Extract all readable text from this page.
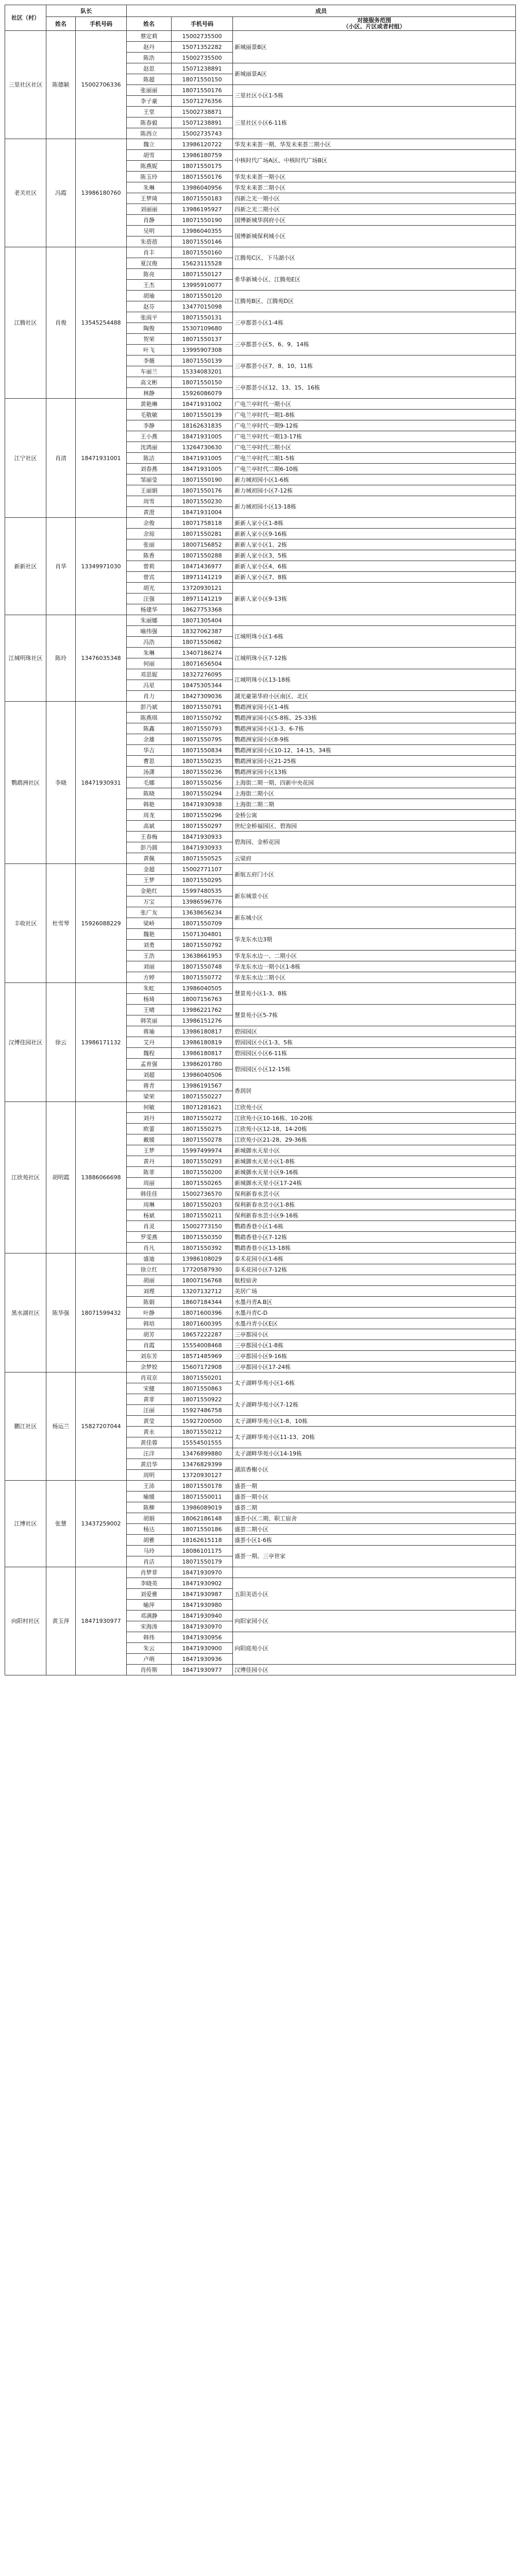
社区（村）	队长		成员		
	姓名	手机号码	姓名	手机号码	对接服务范围
（小区、片区或者村组）
三里社区社区	陈德颖	15002706336	蔡定莉	15002735500	新城丽景B区
			赵丹	15071352282	
			陈浩	15002735500	
			赵思	15071238891	新城丽景A区
			陈超	18071550150	
			张丽丽	18071550176	三里社区小区1-5栋
			李子豪	15071276356	
			王堂	15002738871	三里社区小区6-11栋
			陈春毅	15071238891	
			陈西立	15002735743	
老关社区	冯霞	13986180760	魏立	13986120722	华发未来荟一期、华发未来荟二期小区
			胡雪	13986180759	中核时代广场A区、中核时代广场B区
			陈燕妮	18071550175	
			陈玉玲	18071550176	华发未来荟一期小区
			朱琳	13986040956	华发未来荟二期小区
			王梦琦	18071550183	四新之光一期小区
			刘丽丽	13986195927	四新之光二期小区
			肖静	18071550190	国博新城华润府小区
			吴明	13986040355	国博新城保利城小区
			朱蓓蓓	18071550146	
江腾社区	肖俊	13545254488	肖丰	18071550160	江腾苑C区、下马湖小区
			夏汉俊	15623115528	
			陈亮	18071550127	希华新城小区、江腾苑E区
			王杰	13995910077	
			胡瑜	18071550120	江腾苑B区、江腾苑D区
			赵芬	13477015098	
			张雨平	18071550131	三亭都荟小区1-4栋
			陶俊	15307109680	
			贺荣	18071550137	三亭都荟小区5、6、9、14栋
			叶飞	13995907308	
			李薇	18071550139	三亭都荟小区7、8、10、11栋
			车丽兰	15334083201	
			高文彬	18071550150	三亭都荟小区12、13、15、16栋
			林静	15926086079	
江宁社区	肖清	18471931001	黄艳琳	18471931002	广电兰亭时代一期小区
			毛敬敏	18071550139	广电兰亭时代一期1-8栋
			李静	18162631835	广电兰亭时代一期9-12栋
			王小燕	18471931005	广电兰亭时代一期13-17栋
			沈鸿丽	13264730630	广电兰亭时代二期小区
			陈洁	18471931005	广电兰亭时代二期1-5栋
			刘春燕	18471931005	广电兰亭时代二期6-10栋
			邹丽莹	18071550190	新力城初园小区1-6栋
			王丽娟	18071550176	新力城初园小区7-12栋
			周雪	18071550230	新力城初园小区13-18栋
			黄澄	18471931004	
新新社区	肖华	13349971030	余俊	18071758118	新新人家小区1-8栋
			余琼	18071550281	新新人家小区9-16栋
			张丽	18007156852	新新人家小区1、2栋
			陈香	18071550288	新新人家小区3、5栋
			曾莉	18471436977	新新人家小区4、6栋
			曾宾	18971141219	新新人家小区7、8栋
			胡光	13720930121	新新人家小区9-13栋
			汪强	18971141219	
			杨建华	18627753368	
江城明珠社区	陈玲	13476035348	朱丽娜	18071305404	
			喻伟强	18327062387	江城明珠小区1-6栋
			冯浩	18071550682	
			朱琳	13407186274	江城明珠小区7-12栋
			何丽	18071656504	
			邓思妮	18327276095	江城明珠小区13-18栋
			冯星	18475305344	
			肖力	18427309036	湖光豪第华府小区南区、北区
鹦鹉洲社区	李晓	18471930931	彭乃斌	18071550791	鹦鹉洲家园小区1-4栋
			陈燕琪	18071550792	鹦鹉洲家园小区5-8栋、25-33栋
			陈鑫	18071550793	鹦鹉洲家园小区1-3、6-7栋
			余雄	18071550795	鹦鹉洲家园小区8-9栋
			华吉	18071550834	鹦鹉洲家园小区10-12、14-15、34栋
			曹思	18071550235	鹦鹉洲家园小区21-25栋
			汤潇	18071550236	鹦鹉洲家园小区13栋
			毛娜	18071550256	上海街二期一期、四新中央花园
			陈晓	18071550294	上海街二期小区
			韩艳	18471930938	上海街二期二期
			周龙	18071550296	金桥公寓
			高斌	18071550297	世纪金桥福园区、碧海园
			王春梅	18471930933	碧海园、金桥花园
			彭乃圆	18471930933	
			黄佩	18071550525	云梁府
丰收社区	杜雪琴	15926088229	金超	15002771107	新航五府门小区
			王梦	18071550295	
			金艳红	15997480535	新东城景小区
			万宝	13986596776	
			张广友	13638656234	新东城小区
			梁峤	18071550709	
			魏艳	15071304801	华龙东水边3期
			刘勇	18071550792	
			王浩	13638661953	华龙东水边一、二期小区
			刘丽	18071550748	华龙东水边一期小区1-8栋
			方婷	18071550772	华龙东水边二期小区
汉博佳园社区	徐云	13986171132	朱虹	13986040505	慧景苑小区1-3、8栋
			杨琦	18007156763	
			王晴	13986221762	慧景苑小区5-7栋
			韩笑丽	13986151276	
			蒋瑜	13986180817	碧园园区
			艾丹	13986180819	碧园园区小区1-3、5栋
			魏程	13986180817	碧园园区小区6-11栋
			孟育强	13986201780	碧园园区小区12-15栋
			刘超	13986040506	
			蒋青	13986191567	香润居
			梁荣	18071550227	
江欣苑社区	胡明霞	13886066698	何敏	18071281621	江欣苑小区
			刘丹	18071550272	江欣苑小区10-16栋、10-20栋
			欧蕾	18071550275	江欣苑小区12-18、14-20栋
			戴媛	18071550278	江欣苑小区21-28、29-36栋
			王梦	15997499974	新城御水天星小区
			黄丹	18071550293	新城御水天星小区1-8栋
			陈菲	18071550200	新城御水天星小区9-16栋
			周丽	18071550265	新城御水天星小区17-24栋
			韩佳佳	15002736570	保利新春水芸小区
			周琳	18071550203	保利新春水芸小区1-8栋
			杨斌	18071550211	保利新春水芸小区9-16栋
			肖灵	15002773150	鹦鹉香巷小区1-6栋
			罗雯燕	18071550350	鹦鹉香巷小区7-12栋
			肖凡	18071550392	鹦鹉香巷小区13-18栋
黑水湖社区	陈华强	18071599432	盛迪	13986108029	泰禾花园小区1-6栋
			徐立红	17720587930	泰禾花园小区7-12栋
			胡丽	18007156768	航校宿舍
			刘理	13207132712	美居广场
			陈娟	18607184344	水墨丹青A.B区
			叶静	18071600396	水墨丹青C-D
			韩培	18071600395	水墨丹青小区E区
			胡芳	18657222287	三亭都园小区
			肖霞	15554008468	三亭都园小区1-8栋
			刘东芳	18571485969	三亭都园小区9-16栋
			余梦姣	15607172908	三亭都园小区17-24栋
鹏江社区	杨运兰	15827207044	肖双京	18071550201	太子湖畔华苑小区1-6栋
			宋健	18071550863	
			黄菲	18071550922	太子湖畔华苑小区7-12栋
			汪丽	15927486758	
			黄莹	15927200500	太子湖畔华苑小区1-8、10栋
			黄永	18071550212	太子湖畔华苑小区11-13、20栋
			黄佳蓉	15554501555	
			汪洋	13476899880	太子湖畔华苑小区14-19栋
			黄启华	13476829399	湖滨香榭小区
			周明	13720930127	
江博社区	张慧	13437259002	王沛	18071550178	盛荟一期
			喻媛	18071550011	盛荟一期小区
			陈柳	13986089019	盛荟二期
			胡娟	18062186148	盛荟小区二期、职工宿舍
			杨达	18071550186	盛荟二期小区
			胡雅	18162615118	盛荟小区1-6栋
			马玲	18086101175	盛荟一期、三亭世家
			肖洁	18071550179	
向阳村社区	黄玉萍	18471930977	肖梦菲	18471930970	
			李晓英	18471930902	五阳美语小区
			刘爱雅	18471930987	
			喻萍	18471930980	
			邓满静	18471930940	向阳家园小区
			宋海涛	18471930970	
			韩伟	18471930956	向阳庭苑小区
			朱云	18471930900	
			卢萌	18471930936	
			肖传斯	18471930977	汉博佳园小区
